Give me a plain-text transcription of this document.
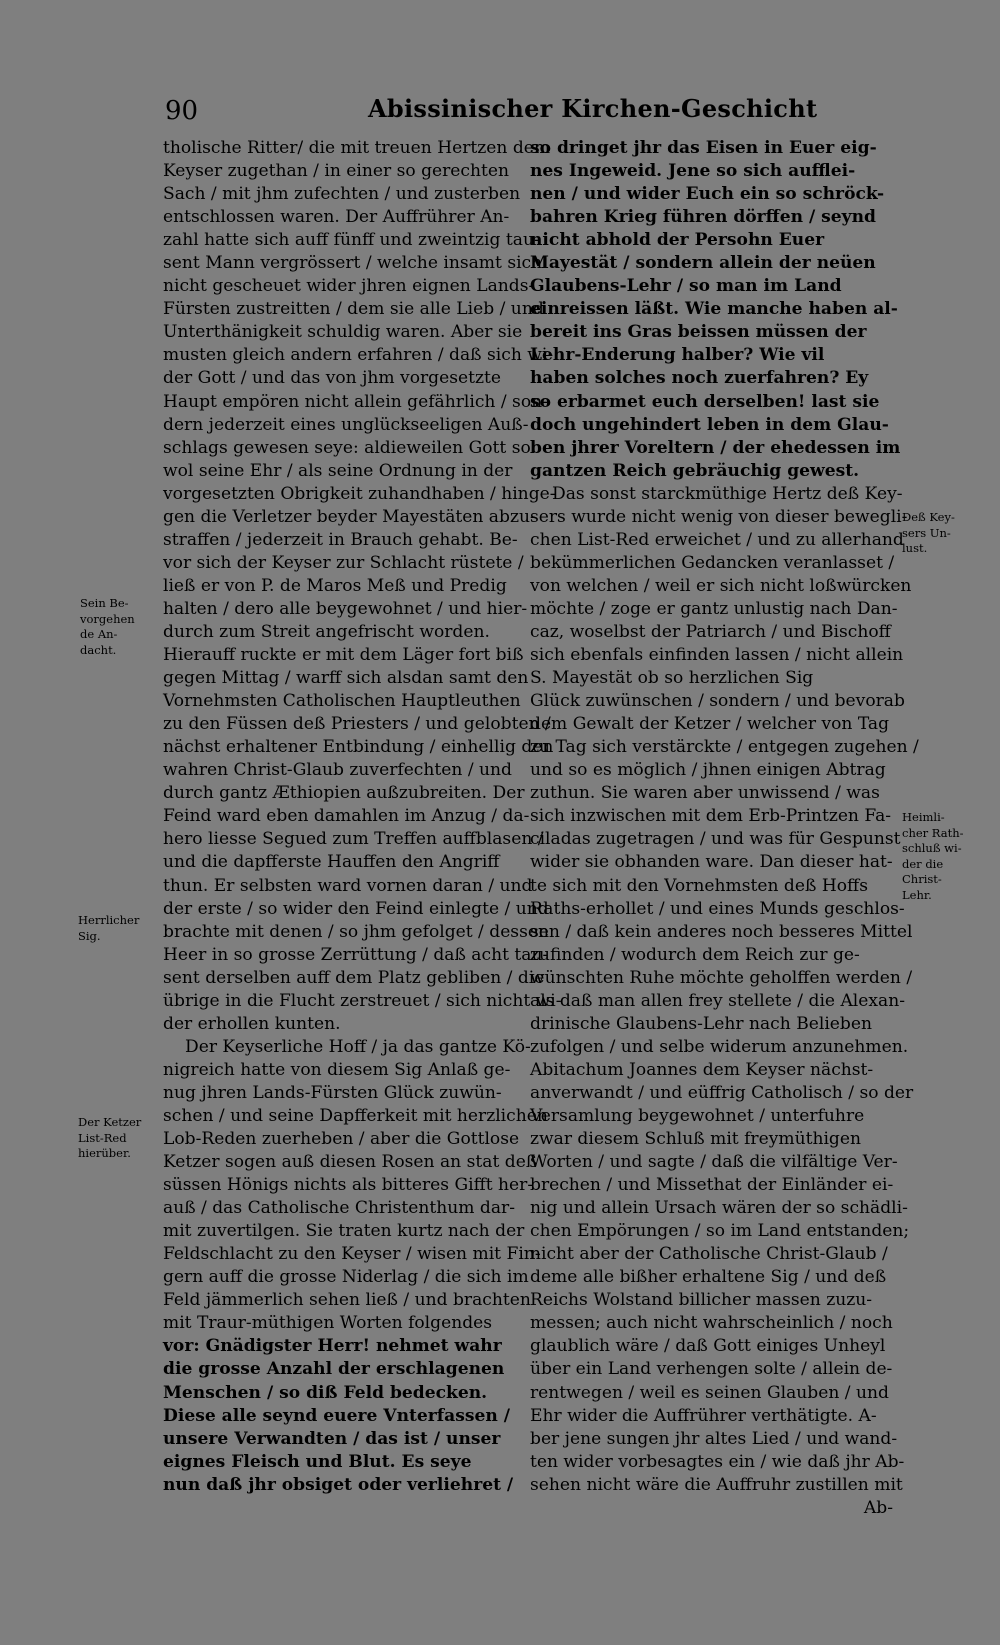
90	Abissinischer Kirchen-Geschicht
tholische Ritter/ die mit treuen Hertzen dem
Keyser zugethan / in einer so gerechten
Sach / mit jhm zufechten / und zusterben
entschlossen waren. Der Auffrührer An-
zahl hatte sich auff fünff und zweintzig tau-
sent Mann vergrössert / welche insamt sich
nicht gescheuet wider jhren eignen Lands-
Fürsten zustreitten / dem sie alle Lieb / und
Unterthänigkeit schuldig waren. Aber sie
musten gleich andern erfahren / daß sich wi-
der Gott / und das von jhm vorgesetzte
Haupt empören nicht allein gefährlich / son-
dern jederzeit eines unglückseeligen Auß-
schlags gewesen seye: aldieweilen Gott so
wol seine Ehr / als seine Ordnung in der
vorgesetzten Obrigkeit zuhandhaben / hinge-
gen die Verletzer beyder Mayestäten abzu-
straffen / jederzeit in Brauch gehabt. Be-
vor sich der Keyser zur Schlacht rüstete /
ließ er von P. de Maros Meß und Predig
halten / dero alle beygewohnet / und hier-
durch zum Streit angefrischt worden.
Hierauff ruckte er mit dem Läger fort biß
gegen Mittag / warff sich alsdan samt den
Vornehmsten Catholischen Hauptleuthen
zu den Füssen deß Priesters / und gelobten /
nächst erhaltener Entbindung / einhellig den
wahren Christ-Glaub zuverfechten / und
durch gantz Æthiopien außzubreiten. Der
Feind ward eben damahlen im Anzug / da-
hero liesse Segued zum Treffen auffblasen /
und die dapfferste Hauffen den Angriff
thun. Er selbsten ward vornen daran / und
der erste / so wider den Feind einlegte / und
brachte mit denen / so jhm gefolget / dessen
Heer in so grosse Zerrüttung / daß acht tau-
sent derselben auff dem Platz gebliben / die
übrige in die Flucht zerstreuet / sich nicht wi-
der erhollen kunten.
Der Keyserliche Hoff / ja das gantze Kö-
nigreich hatte von diesem Sig Anlaß ge-
nug jhren Lands-Fürsten Glück zuwün-
schen / und seine Dapfferkeit mit herzlichen
Lob-Reden zuerheben / aber die Gottlose
Ketzer sogen auß diesen Rosen an stat deß
süssen Hönigs nichts als bitteres Gifft her-
auß / das Catholische Christenthum dar-
mit zuvertilgen. Sie traten kurtz nach der
Feldschlacht zu den Keyser / wisen mit Fin-
gern auff die grosse Niderlag / die sich im
Feld jämmerlich sehen ließ / und brachten
mit Traur-müthigen Worten folgendes
vor: Gnädigster Herr! nehmet wahr
die grosse Anzahl der erschlagenen
Menschen / so diß Feld bedecken.
Diese alle seynd euere Vnterfassen /
unsere Verwandten / das ist / unser
eignes Fleisch und Blut. Es seye
nun daß jhr obsiget oder verliehret /
so dringet jhr das Eisen in Euer eig-
nes Ingeweid. Jene so sich aufflei-
nen / und wider Euch ein so schröck-
bahren Krieg führen dörffen / seynd
nicht abhold der Persohn Euer
Mayestät / sondern allein der neüen
Glaubens-Lehr / so man im Land
einreissen läßt. Wie manche haben al-
bereit ins Gras beissen müssen der
Lehr-Enderung halber? Wie vil
haben solches noch zuerfahren? Ey
so erbarmet euch derselben! last sie
doch ungehindert leben in dem Glau-
ben jhrer Voreltern / der ehedessen im
gantzen Reich gebräuchig gewest.
Das sonst starckmüthige Hertz deß Key-
sers wurde nicht wenig von dieser bewegli-
chen List-Red erweichet / und zu allerhand
bekümmerlichen Gedancken veranlasset /
von welchen / weil er sich nicht loßwürcken
möchte / zoge er gantz unlustig nach Dan-
caz, woselbst der Patriarch / und Bischoff
sich ebenfals einfinden lassen / nicht allein
S. Mayestät ob so herzlichen Sig
Glück zuwünschen / sondern / und bevorab
dem Gewalt der Ketzer / welcher von Tag
zu Tag sich verstärckte / entgegen zugehen /
und so es möglich / jhnen einigen Abtrag
zuthun. Sie waren aber unwissend / was
sich inzwischen mit dem Erb-Printzen Fa-
ciladas zugetragen / und was für Gespunst
wider sie obhanden ware. Dan dieser hat-
te sich mit den Vornehmsten deß Hoffs
Raths-erhollet / und eines Munds geschlos-
sen / daß kein anderes noch besseres Mittel
zufinden / wodurch dem Reich zur ge-
wünschten Ruhe möchte geholffen werden /
als daß man allen frey stellete / die Alexan-
drinische Glaubens-Lehr nach Belieben
zufolgen / und selbe widerum anzunehmen.
Abitachum Joannes dem Keyser nächst-
anverwandt / und eüffrig Catholisch / so der
Versamlung beygewohnet / unterfuhre
zwar diesem Schluß mit freymüthigen
Worten / und sagte / daß die vilfältige Ver-
brechen / und Missethat der Einländer ei-
nig und allein Ursach wären der so schädli-
chen Empörungen / so im Land entstanden;
nicht aber der Catholische Christ-Glaub /
deme alle bißher erhaltene Sig / und deß
Reichs Wolstand billicher massen zuzu-
messen; auch nicht wahrscheinlich / noch
glaublich wäre / daß Gott einiges Unheyl
über ein Land verhengen solte / allein de-
rentwegen / weil es seinen Glauben / und
Ehr wider die Auffrührer verthätigte. A-
ber jene sungen jhr altes Lied / und wand-
ten wider vorbesagtes ein / wie daß jhr Ab-
sehen nicht wäre die Auffruhr zustillen mit
Ab-
Sein Be-
vorgehen
de An-
dacht.
Herrlicher
Sig.
Der Ketzer
List-Red
hierüber.
Deß Key-
sers Un-
lust.
Heimli-
cher Rath-
schluß wi-
der die
Christ-
Lehr.
